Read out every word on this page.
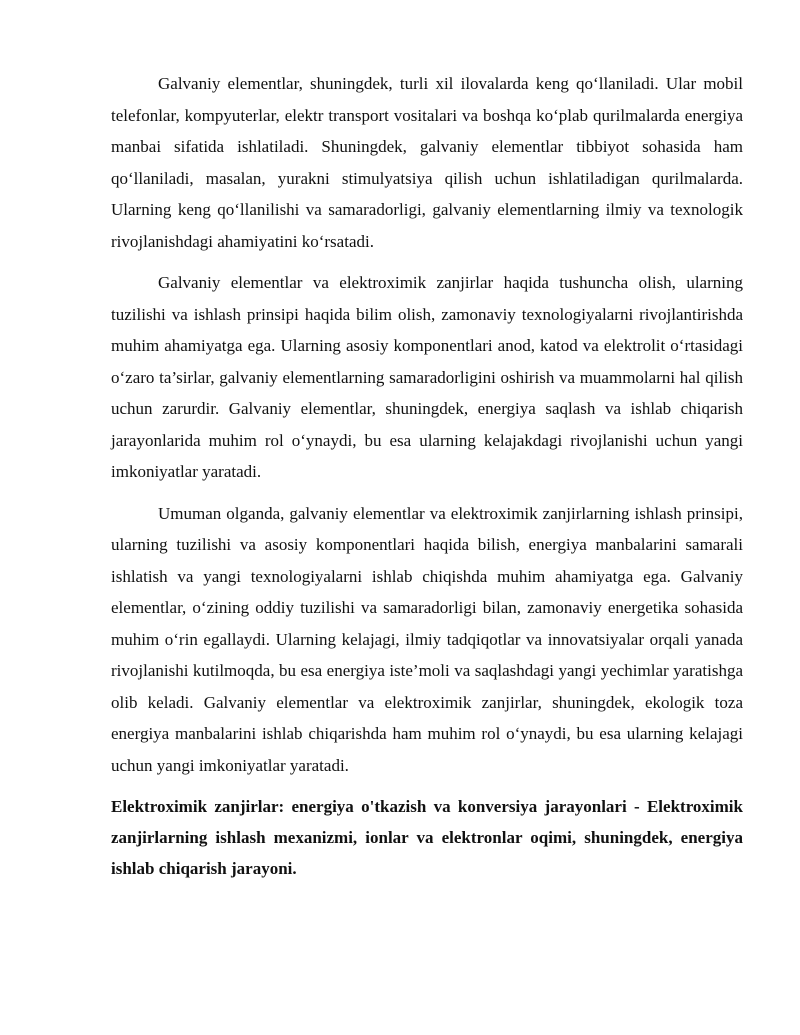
Galvaniy elementlar, shuningdek, turli xil ilovalarda keng qo‘llaniladi. Ular mobil telefonlar, kompyuterlar, elektr transport vositalari va boshqa ko‘plab qurilmalarda energiya manbai sifatida ishlatiladi. Shuningdek, galvaniy elementlar tibbiyot sohasida ham qo‘llaniladi, masalan, yurakni stimulyatsiya qilish uchun ishlatiladigan qurilmalarda. Ularning keng qo‘llanilishi va samaradorligi, galvaniy elementlarning ilmiy va texnologik rivojlanishdagi ahamiyatini ko‘rsatadi.

Galvaniy elementlar va elektroximik zanjirlar haqida tushuncha olish, ularning tuzilishi va ishlash prinsipi haqida bilim olish, zamonaviy texnologiyalarni rivojlantirishda muhim ahamiyatga ega. Ularning asosiy komponentlari anod, katod va elektrolit o‘rtasidagi o‘zaro ta’sirlar, galvaniy elementlarning samaradorligini oshirish va muammolarni hal qilish uchun zarurdir. Galvaniy elementlar, shuningdek, energiya saqlash va ishlab chiqarish jarayonlarida muhim rol o‘ynaydi, bu esa ularning kelajakdagi rivojlanishi uchun yangi imkoniyatlar yaratadi.

Umuman olganda, galvaniy elementlar va elektroximik zanjirlarning ishlash prinsipi, ularning tuzilishi va asosiy komponentlari haqida bilish, energiya manbalarini samarali ishlatish va yangi texnologiyalarni ishlab chiqishda muhim ahamiyatga ega. Galvaniy elementlar, o‘zining oddiy tuzilishi va samaradorligi bilan, zamonaviy energetika sohasida muhim o‘rin egallaydi. Ularning kelajagi, ilmiy tadqiqotlar va innovatsiyalar orqali yanada rivojlanishi kutilmoqda, bu esa energiya iste’moli va saqlashdagi yangi yechimlar yaratishga olib keladi. Galvaniy elementlar va elektroximik zanjirlar, shuningdek, ekologik toza energiya manbalarini ishlab chiqarishda ham muhim rol o‘ynaydi, bu esa ularning kelajagi uchun yangi imkoniyatlar yaratadi.

Elektroximik zanjirlar: energiya o'tkazish va konversiya jarayonlari - Elektroximik zanjirlarning ishlash mexanizmi, ionlar va elektronlar oqimi, shuningdek, energiya ishlab chiqarish jarayoni.
